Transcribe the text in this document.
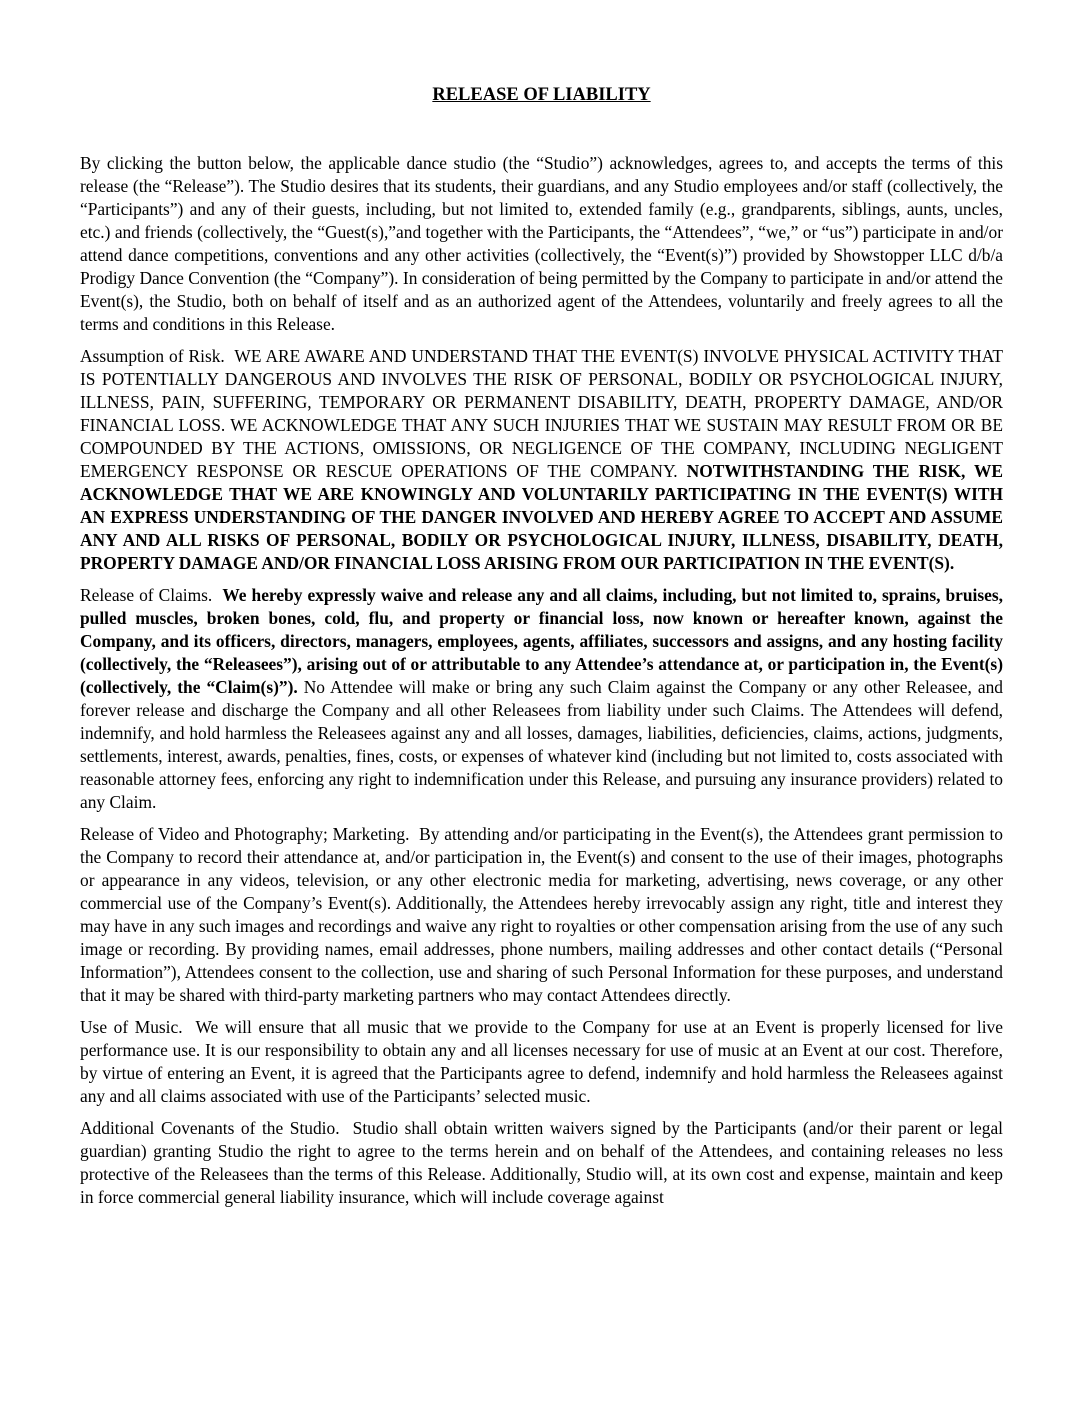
RELEASE OF LIABILITY

By clicking the button below, the applicable dance studio (the “Studio”) acknowledges, agrees to, and accepts the terms of this release (the “Release”). The Studio desires that its students, their guardians, and any Studio employees and/or staff (collectively, the “Participants”) and any of their guests, including, but not limited to, extended family (e.g., grandparents, siblings, aunts, uncles, etc.) and friends (collectively, the “Guest(s),”and together with the Participants, the “Attendees”, “we,” or “us”) participate in and/or attend dance competitions, conventions and any other activities (collectively, the “Event(s)”) provided by Showstopper LLC d/b/a Prodigy Dance Convention (the “Company”). In consideration of being permitted by the Company to participate in and/or attend the Event(s), the Studio, both on behalf of itself and as an authorized agent of the Attendees, voluntarily and freely agrees to all the terms and conditions in this Release.

Assumption of Risk. WE ARE AWARE AND UNDERSTAND THAT THE EVENT(S) INVOLVE PHYSICAL ACTIVITY THAT IS POTENTIALLY DANGEROUS AND INVOLVES THE RISK OF PERSONAL, BODILY OR PSYCHOLOGICAL INJURY, ILLNESS, PAIN, SUFFERING, TEMPORARY OR PERMANENT DISABILITY, DEATH, PROPERTY DAMAGE, AND/OR FINANCIAL LOSS. WE ACKNOWLEDGE THAT ANY SUCH INJURIES THAT WE SUSTAIN MAY RESULT FROM OR BE COMPOUNDED BY THE ACTIONS, OMISSIONS, OR NEGLIGENCE OF THE COMPANY, INCLUDING NEGLIGENT EMERGENCY RESPONSE OR RESCUE OPERATIONS OF THE COMPANY. NOTWITHSTANDING THE RISK, WE ACKNOWLEDGE THAT WE ARE KNOWINGLY AND VOLUNTARILY PARTICIPATING IN THE EVENT(S) WITH AN EXPRESS UNDERSTANDING OF THE DANGER INVOLVED AND HEREBY AGREE TO ACCEPT AND ASSUME ANY AND ALL RISKS OF PERSONAL, BODILY OR PSYCHOLOGICAL INJURY, ILLNESS, DISABILITY, DEATH, PROPERTY DAMAGE AND/OR FINANCIAL LOSS ARISING FROM OUR PARTICIPATION IN THE EVENT(S).

Release of Claims. We hereby expressly waive and release any and all claims, including, but not limited to, sprains, bruises, pulled muscles, broken bones, cold, flu, and property or financial loss, now known or hereafter known, against the Company, and its officers, directors, managers, employees, agents, affiliates, successors and assigns, and any hosting facility (collectively, the “Releasees”), arising out of or attributable to any Attendee’s attendance at, or participation in, the Event(s)(collectively, the “Claim(s)”). No Attendee will make or bring any such Claim against the Company or any other Releasee, and forever release and discharge the Company and all other Releasees from liability under such Claims. The Attendees will defend, indemnify, and hold harmless the Releasees against any and all losses, damages, liabilities, deficiencies, claims, actions, judgments, settlements, interest, awards, penalties, fines, costs, or expenses of whatever kind (including but not limited to, costs associated with reasonable attorney fees, enforcing any right to indemnification under this Release, and pursuing any insurance providers) related to any Claim.

Release of Video and Photography; Marketing. By attending and/or participating in the Event(s), the Attendees grant permission to the Company to record their attendance at, and/or participation in, the Event(s) and consent to the use of their images, photographs or appearance in any videos, television, or any other electronic media for marketing, advertising, news coverage, or any other commercial use of the Company’s Event(s). Additionally, the Attendees hereby irrevocably assign any right, title and interest they may have in any such images and recordings and waive any right to royalties or other compensation arising from the use of any such image or recording. By providing names, email addresses, phone numbers, mailing addresses and other contact details (“Personal Information”), Attendees consent to the collection, use and sharing of such Personal Information for these purposes, and understand that it may be shared with third-party marketing partners who may contact Attendees directly.

Use of Music. We will ensure that all music that we provide to the Company for use at an Event is properly licensed for live performance use. It is our responsibility to obtain any and all licenses necessary for use of music at an Event at our cost. Therefore, by virtue of entering an Event, it is agreed that the Participants agree to defend, indemnify and hold harmless the Releasees against any and all claims associated with use of the Participants’ selected music.

Additional Covenants of the Studio. Studio shall obtain written waivers signed by the Participants (and/or their parent or legal guardian) granting Studio the right to agree to the terms herein and on behalf of the Attendees, and containing releases no less protective of the Releasees than the terms of this Release. Additionally, Studio will, at its own cost and expense, maintain and keep in force commercial general liability insurance, which will include coverage against
